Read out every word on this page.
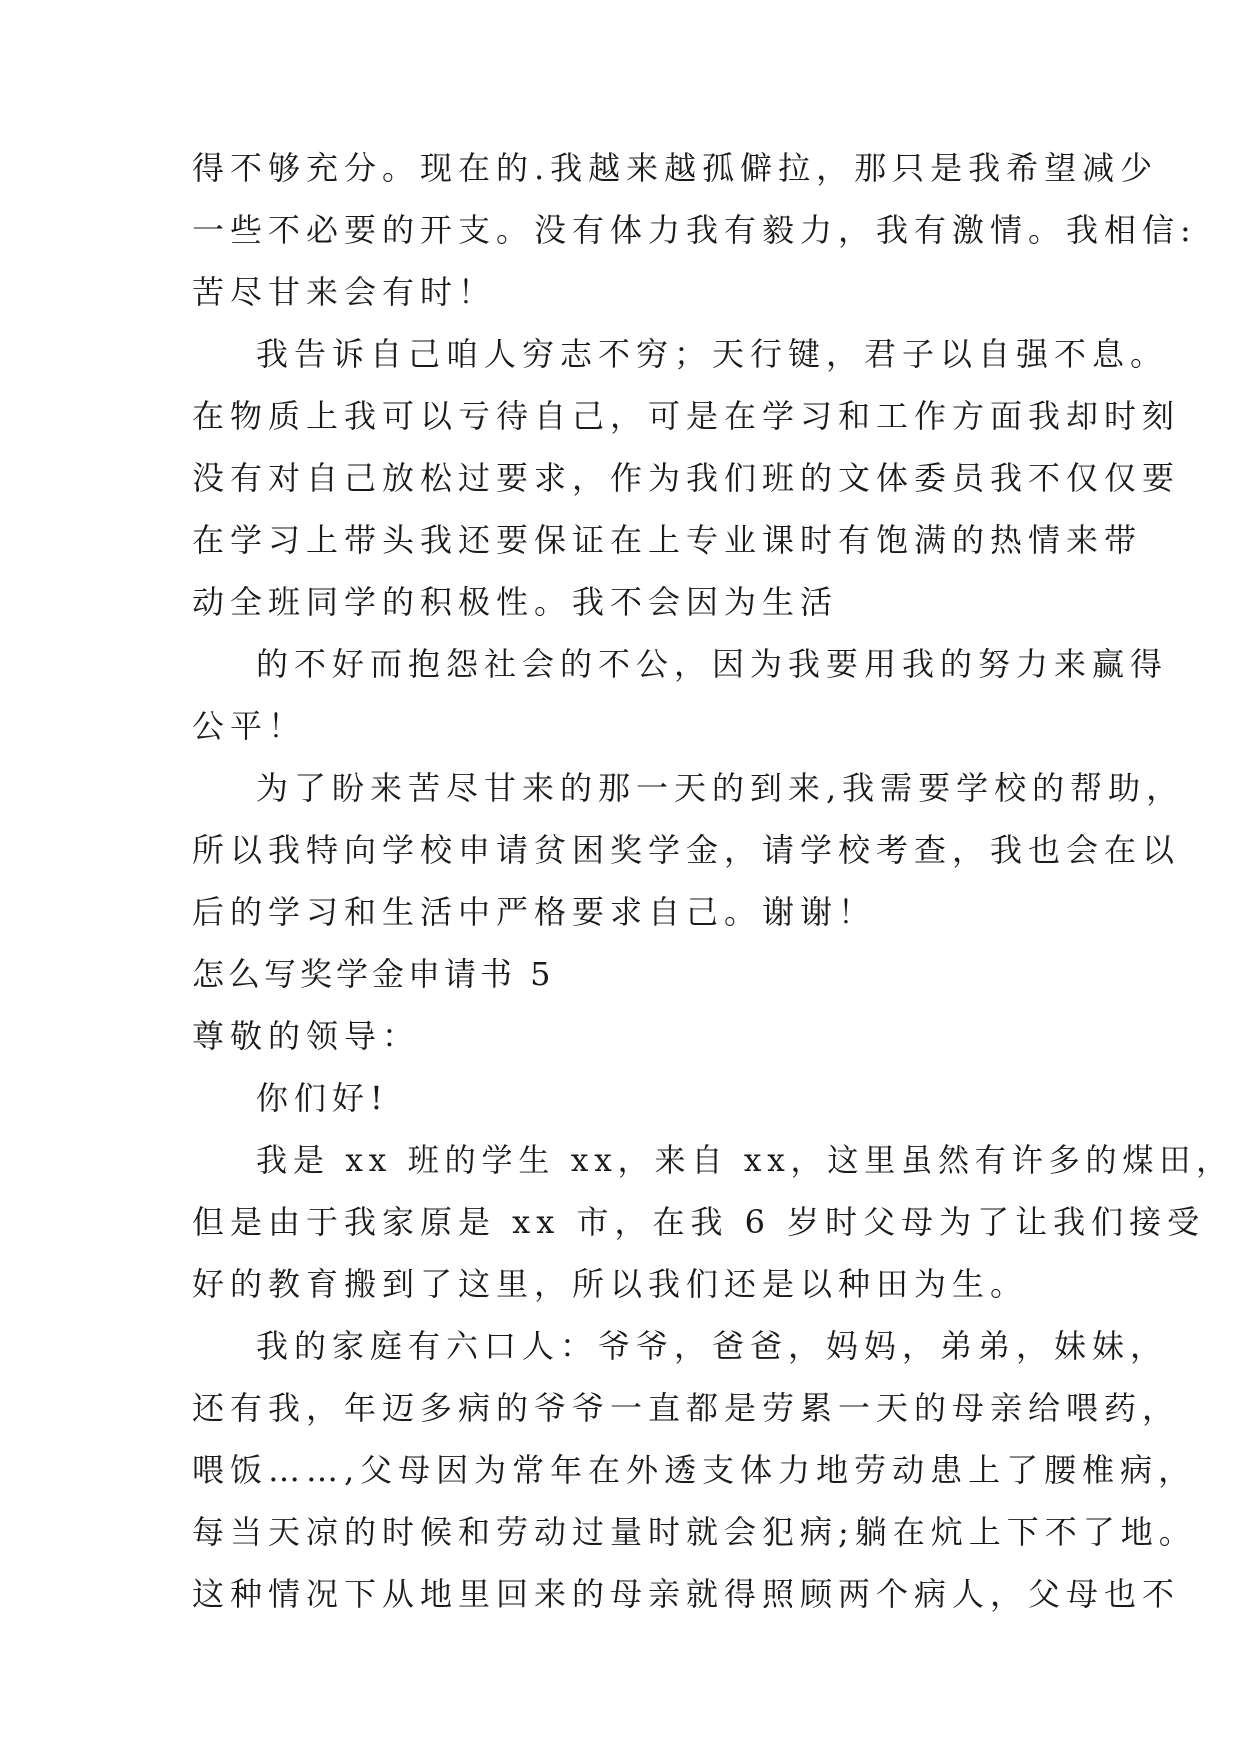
得不够充分。现在的.我越来越孤僻拉，那只是我希望减少
一些不必要的开支。没有体力我有毅力，我有激情。我相信:
苦尽甘来会有时！
我告诉自己咱人穷志不穷；天行键，君子以自强不息。
在物质上我可以亏待自己，可是在学习和工作方面我却时刻
没有对自己放松过要求，作为我们班的文体委员我不仅仅要
在学习上带头我还要保证在上专业课时有饱满的热情来带
动全班同学的积极性。我不会因为生活
的不好而抱怨社会的不公，因为我要用我的努力来赢得
公平！
为了盼来苦尽甘来的那一天的到来,我需要学校的帮助，
所以我特向学校申请贫困奖学金，请学校考查，我也会在以
后的学习和生活中严格要求自己。谢谢！
怎么写奖学金申请书 5
尊敬的领导：
你们好!
我是 xx 班的学生 xx，来自 xx，这里虽然有许多的煤田，
但是由于我家原是 xx 市，在我 6 岁时父母为了让我们接受
好的教育搬到了这里，所以我们还是以种田为生。
我的家庭有六口人：爷爷，爸爸，妈妈，弟弟，妹妹，
还有我，年迈多病的爷爷一直都是劳累一天的母亲给喂药，
喂饭……,父母因为常年在外透支体力地劳动患上了腰椎病，
每当天凉的时候和劳动过量时就会犯病;躺在炕上下不了地。
这种情况下从地里回来的母亲就得照顾两个病人，父母也不
